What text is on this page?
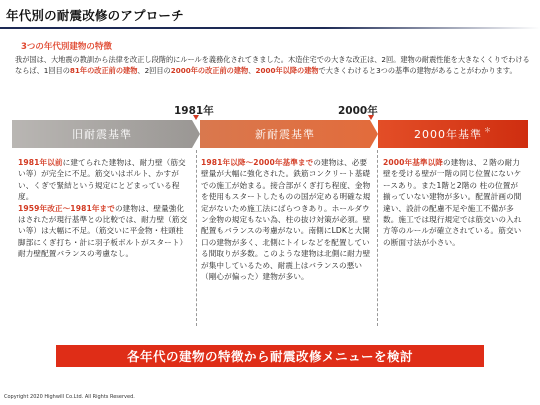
年代別の耐震改修のアプローチ
3つの年代別建物の特徴
我が国は、大地震の教訓から法律を改正し段階的にルールを義務化されてきました。木造住宅での大きな改正は、2回。建物の耐震性能を大きなくくりでわけるならば、1回目の81年の改正前の建物、2回目の2000年の改正前の建物、2000年以降の建物で大きくわけると3つの基準の建物があることがわかります。
1981年	2000年
旧耐震基準	新耐震基準	2000年基準 ＊
1981年以前に建てられた建物は、耐力壁（筋交い等）が完全に不足。筋交いはボルト、かすがい、くぎで緊結という規定にとどまっている程度。
1959年改正～1981年までの建物は、壁量強化はされたが現行基準との比較では、耐力壁（筋交い等）は大幅に不足。（筋交いに平金物・柱頭柱脚部にくぎ打ち・計に羽子板ボルトがスタート）耐力壁配置バランスの考慮なし。
1981年以降～2000年基準までの建物は、必要壁量が大幅に強化された。鉄筋コンクリート基礎での施工が始まる。接合部がくぎ打ち程度、金物を使用もスタートしたものの国が定める明確な規定がないため施工法にばらつきあり。ホールダウン金物の規定もない為、柱の抜け対策が必須。壁配置もバランスの考慮がない。南側にLDKと大開口の建物が多く、北側にトイレなどを配置している間取りが多数。このような建物は北側に耐力壁が集中しているため、耐震上はバランスの悪い（剛心が偏った）建物が多い。
2000年基準以降の建物は、２階の耐力壁を受ける壁が一階の同じ位置にないケースあり。また1階と2階の 柱の位置が揃っていない建物が多い。配置計画の間違い、設計の配慮不足や施工不備が多数。施工では現行規定では筋交いの入れ方等のルールが確立されている。筋交いの断面寸法が小さい。
各年代の建物の特徴から耐震改修メニューを検討
Copyright 2020 Highwill Co.Ltd. All Rights Reserved.
